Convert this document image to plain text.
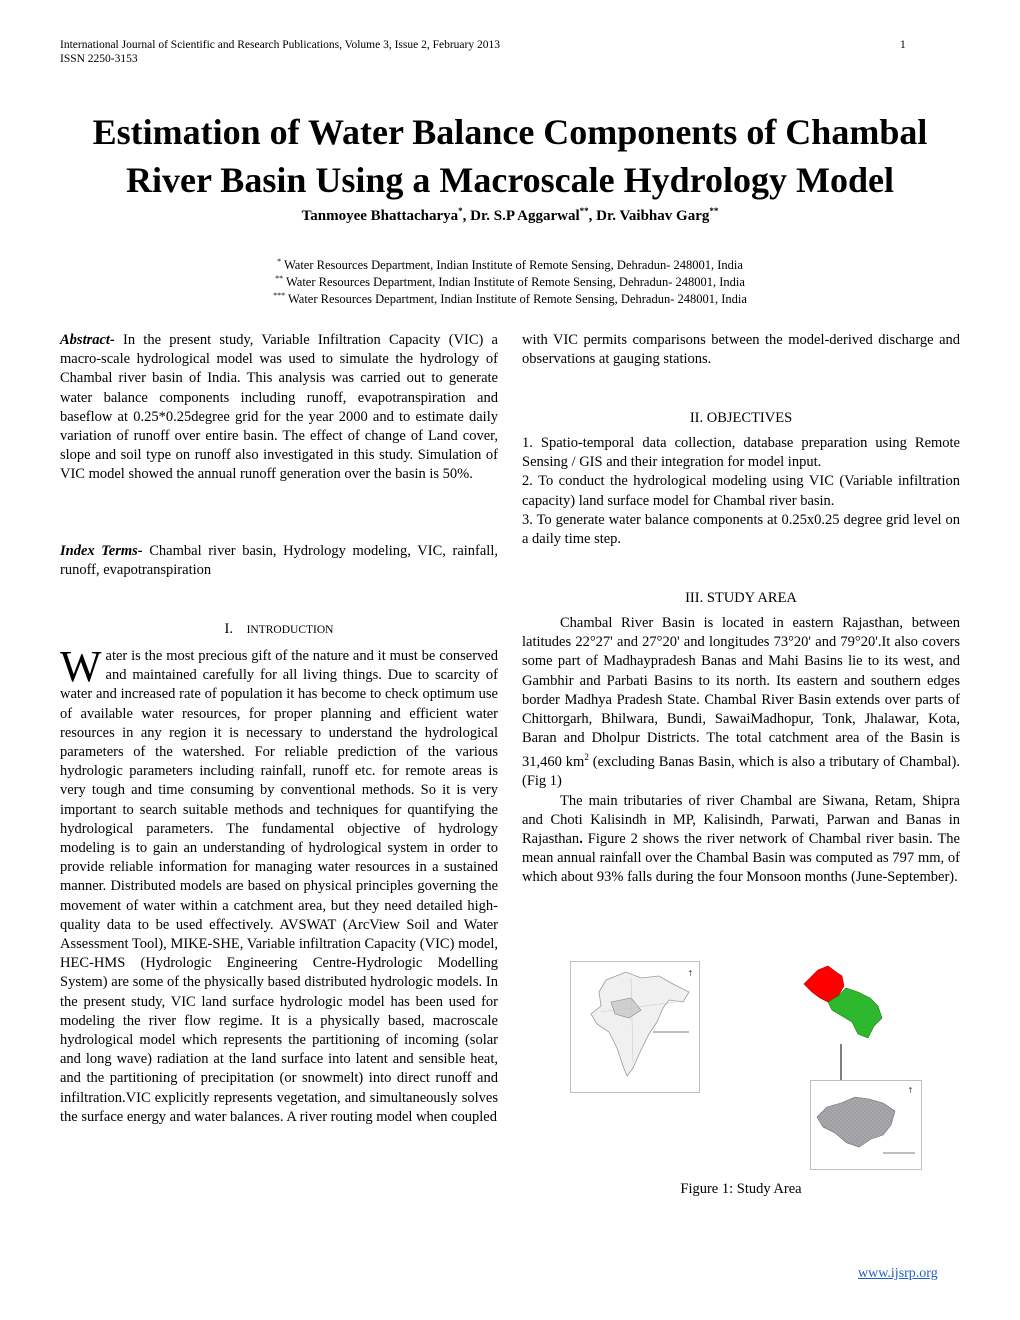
International Journal of Scientific and Research Publications, Volume 3, Issue 2, February 2013	1
ISSN 2250-3153
Estimation of Water Balance Components of Chambal
River Basin Using a Macroscale Hydrology Model
Tanmoyee Bhattacharya*, Dr. S.P Aggarwal**, Dr. Vaibhav Garg**
* Water Resources Department, Indian Institute of Remote Sensing, Dehradun- 248001, India
** Water Resources Department, Indian Institute of Remote Sensing, Dehradun- 248001, India
*** Water Resources Department, Indian Institute of Remote Sensing, Dehradun- 248001, India

Abstract- In the present study, Variable Infiltration Capacity (VIC) a macro-scale hydrological model was used to simulate the hydrology of Chambal river basin of India. This analysis was carried out to generate water balance components including runoff, evapotranspiration and baseflow at 0.25*0.25degree grid for the year 2000 and to estimate daily variation of runoff over entire basin. The effect of change of Land cover, slope and soil type on runoff also investigated in this study. Simulation of VIC model showed the annual runoff generation over the basin is 50%.

Index Terms- Chambal river basin, Hydrology modeling, VIC, rainfall, runoff, evapotranspiration

I. INTRODUCTION

Water is the most precious gift of the nature and it must be conserved and maintained carefully for all living things. Due to scarcity of water and increased rate of population it has become to check optimum use of available water resources, for proper planning and efficient water resources in any region it is necessary to understand the hydrological parameters of the watershed. For reliable prediction of the various hydrologic parameters including rainfall, runoff etc. for remote areas is very tough and time consuming by conventional methods. So it is very important to search suitable methods and techniques for quantifying the hydrological parameters. The fundamental objective of hydrology modeling is to gain an understanding of hydrological system in order to provide reliable information for managing water resources in a sustained manner. Distributed models are based on physical principles governing the movement of water within a catchment area, but they need detailed high-quality data to be used effectively. AVSWAT (ArcView Soil and Water Assessment Tool), MIKE-SHE, Variable infiltration Capacity (VIC) model, HEC-HMS (Hydrologic Engineering Centre-Hydrologic Modelling System) are some of the physically based distributed hydrologic models. In the present study, VIC land surface hydrologic model has been used for modeling the river flow regime. It is a physically based, macroscale hydrological model which represents the partitioning of incoming (solar and long wave) radiation at the land surface into latent and sensible heat, and the partitioning of precipitation (or snowmelt) into direct runoff and infiltration.VIC explicitly represents vegetation, and simultaneously solves the surface energy and water balances. A river routing model when coupled

with VIC permits comparisons between the model-derived discharge and observations at gauging stations.

II. OBJECTIVES

1. Spatio-temporal data collection, database preparation using Remote Sensing / GIS and their integration for model input.

2. To conduct the hydrological modeling using VIC (Variable infiltration capacity) land surface model for Chambal river basin.

3. To generate water balance components at 0.25x0.25 degree grid level on a daily time step.

III. STUDY AREA

Chambal River Basin is located in eastern Rajasthan, between latitudes 22°27' and 27°20' and longitudes 73°20' and 79°20'.It also covers some part of Madhaypradesh Banas and Mahi Basins lie to its west, and Gambhir and Parbati Basins to its north. Its eastern and southern edges border Madhya Pradesh State. Chambal River Basin extends over parts of Chittorgarh, Bhilwara, Bundi, SawaiMadhopur, Tonk, Jhalawar, Kota, Baran and Dholpur Districts. The total catchment area of the Basin is 31,460 $km^2$ (excluding Banas Basin, which is also a tributary of Chambal). (Fig 1)

The main tributaries of river Chambal are Siwana, Retam, Shipra and Choti Kalisindh in MP, Kalisindh, Parwati, Parwan and Banas in Rajasthan. Figure 2 shows the river network of Chambal river basin. The mean annual rainfall over the Chambal Basin was computed as 797 mm, of which about 93% falls during the four Monsoon months (June-September).

↑
↑
Figure 1: Study Area
www.ijsrp.org
